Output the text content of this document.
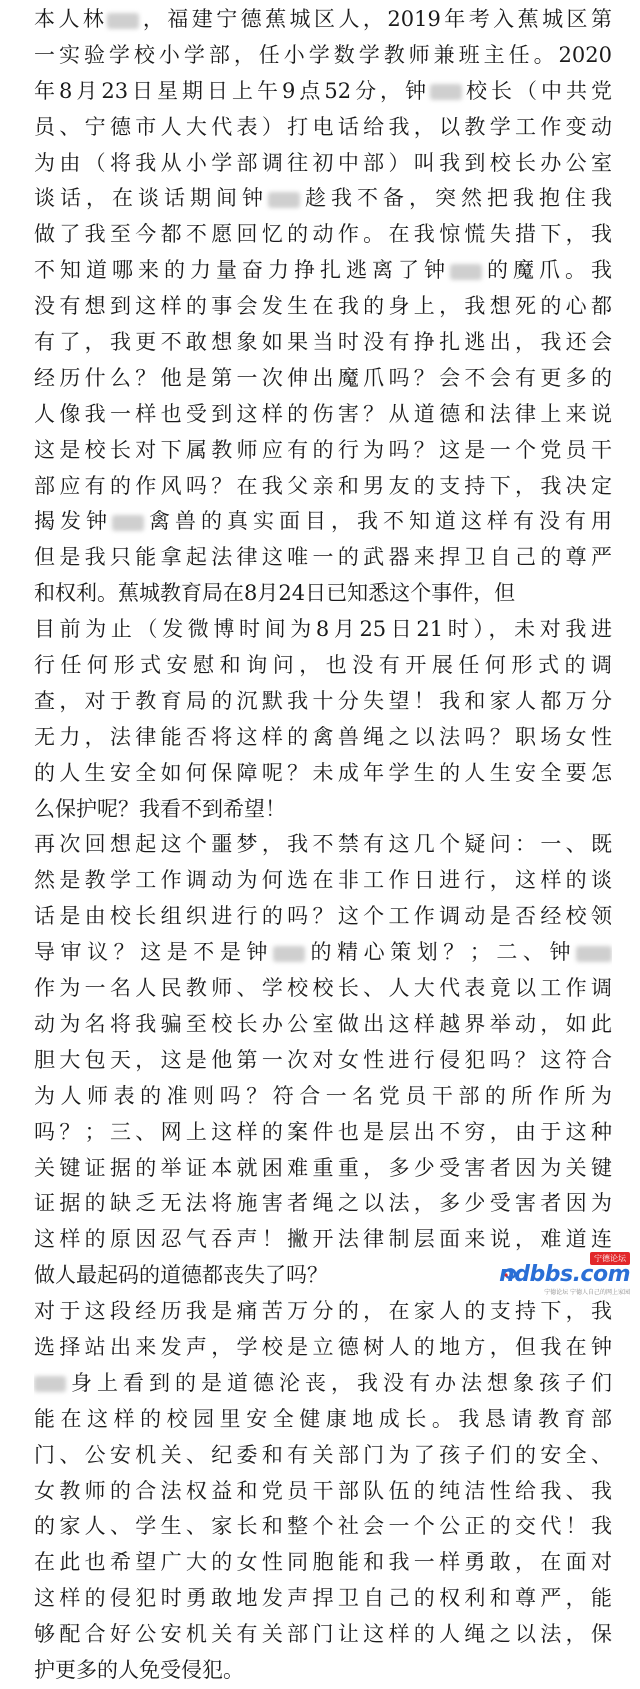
本人林 ，福建宁德蕉城区人，2019年考入蕉城区第
一实验学校小学部，任小学数学教师兼班主任。2020
年8月23日星期日上午9点52分，钟 校长（中共党
员、宁德市人大代表）打电话给我，以教学工作变动
为由（将我从小学部调往初中部）叫我到校长办公室
谈话，在谈话期间钟 趁我不备，突然把我抱住我
做了我至今都不愿回忆的动作。在我惊慌失措下，我
不知道哪来的力量奋力挣扎逃离了钟 的魔爪。我
没有想到这样的事会发生在我的身上，我想死的心都
有了，我更不敢想象如果当时没有挣扎逃出，我还会
经历什么？他是第一次伸出魔爪吗？会不会有更多的
人像我一样也受到这样的伤害？从道德和法律上来说
这是校长对下属教师应有的行为吗？这是一个党员干
部应有的作风吗？在我父亲和男友的支持下，我决定
揭发钟 禽兽的真实面目，我不知道这样有没有用
但是我只能拿起法律这唯一的武器来捍卫自己的尊严
和权利。蕉城教育局在8月24日已知悉这个事件，但
目前为止（发微博时间为8月25日21时），未对我进
行任何形式安慰和询问，也没有开展任何形式的调
查，对于教育局的沉默我十分失望！我和家人都万分
无力，法律能否将这样的禽兽绳之以法吗？职场女性
的人生安全如何保障呢？未成年学生的人生安全要怎
么保护呢？我看不到希望！
再次回想起这个噩梦，我不禁有这几个疑问：一、既
然是教学工作调动为何选在非工作日进行，这样的谈
话是由校长组织进行的吗？这个工作调动是否经校领
导审议？这是不是钟 的精心策划？；二、钟
作为一名人民教师、学校校长、人大代表竟以工作调
动为名将我骗至校长办公室做出这样越界举动，如此
胆大包天，这是他第一次对女性进行侵犯吗？这符合
为人师表的准则吗？符合一名党员干部的所作所为
吗？；三、网上这样的案件也是层出不穷，由于这种
关键证据的举证本就困难重重，多少受害者因为关键
证据的缺乏无法将施害者绳之以法，多少受害者因为
这样的原因忍气吞声！撇开法律制层面来说，难道连
做人最起码的道德都丧失了吗？
对于这段经历我是痛苦万分的，在家人的支持下，我
选择站出来发声，学校是立德树人的地方，但我在钟
身上看到的是道德沦丧，我没有办法想象孩子们
能在这样的校园里安全健康地成长。我恳请教育部
门、公安机关、纪委和有关部门为了孩子们的安全、
女教师的合法权益和党员干部队伍的纯洁性给我、我
的家人、学生、家长和整个社会一个公正的交代！我
在此也希望广大的女性同胞能和我一样勇敢，在面对
这样的侵犯时勇敢地发声捍卫自己的权利和尊严，能
够配合好公安机关有关部门让这样的人绳之以法，保
护更多的人免受侵犯。
宁德论坛
ndbbs.com
宁德论坛 宁德人自己的网上家园
